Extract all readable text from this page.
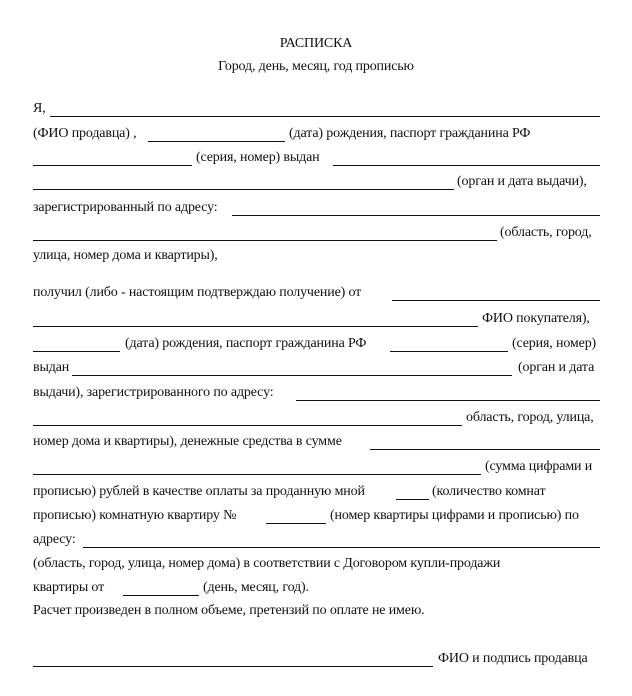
РАСПИСКА
Город, день, месяц, год прописью
Я,
(ФИО продавца) ,	(дата) рождения, паспорт гражданина РФ
(серия, номер) выдан
(орган и дата выдачи),
зарегистрированный по адресу:
(область, город,
улица, номер дома и квартиры),
получил (либо - настоящим подтверждаю получение) от
ФИО покупателя),
(дата) рождения, паспорт гражданина РФ	(серия, номер)
выдан	(орган и дата
выдачи), зарегистрированного по адресу:
область, город, улица,
номер дома и квартиры), денежные средства в сумме
(сумма цифрами и
прописью) рублей в качестве оплаты за проданную мной	(количество комнат
прописью) комнатную квартиру №	(номер квартиры цифрами и прописью) по
адресу:
(область, город, улица, номер дома) в соответствии с Договором купли-продажи
квартиры от	(день, месяц, год).
Расчет произведен в полном объеме, претензий по оплате не имею.
ФИО и подпись продавца
